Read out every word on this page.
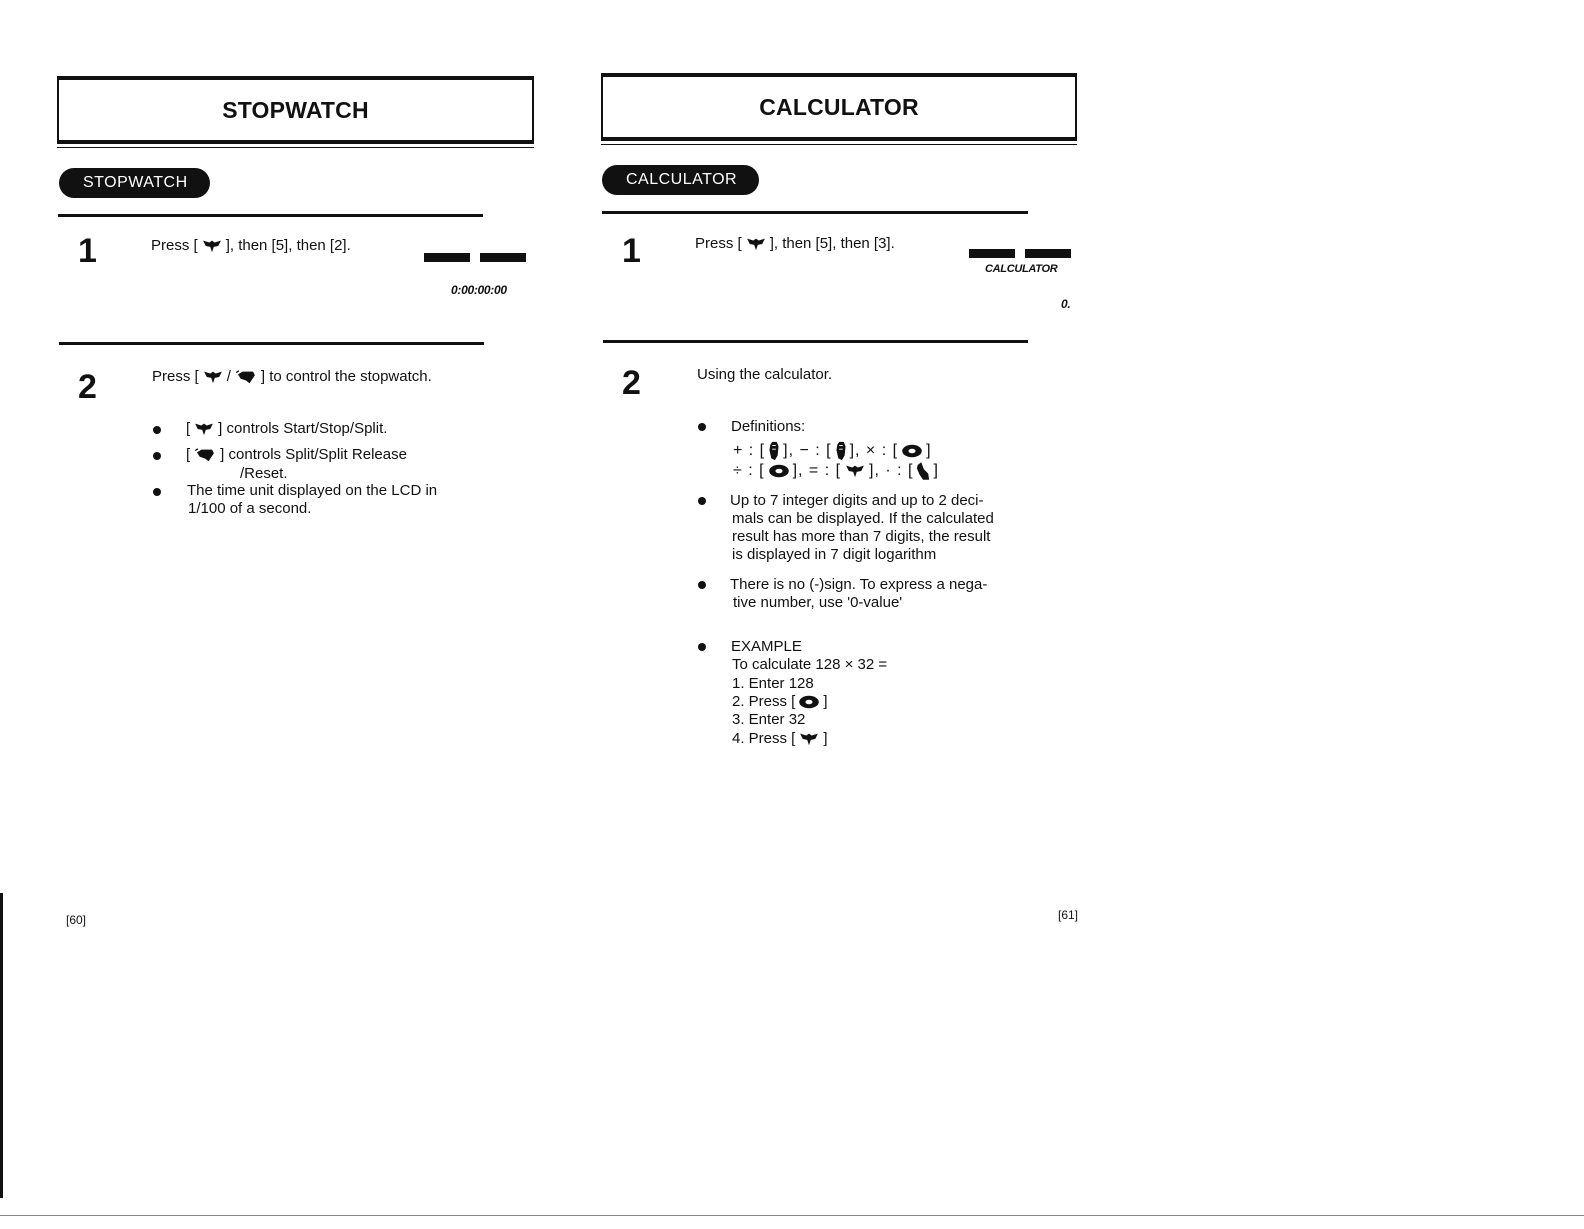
STOPWATCH
STOPWATCH
1	Press [ ], then [5], then [2].
0:00:00:00
2	Press [ / ] to control the stopwatch.
[ ] controls Start/Stop/Split.
[ ] controls Split/Split Release
/Reset.
The time unit displayed on the LCD in
1/100 of a second.
[60]
CALCULATOR
CALCULATOR
1	Press [ ], then [5], then [3].
CALCULATOR
0.
2	Using the calculator.
Definitions:
+ : [ ], − : [ ], × : [ ]
÷ : [ ], = : [ ], · : [ ]
Up to 7 integer digits and up to 2 deci-
mals can be displayed. If the calculated
result has more than 7 digits, the result
is displayed in 7 digit logarithm
There is no (-)sign. To express a nega-
tive number, use '0-value'
EXAMPLE
To calculate 128 × 32 =
1. Enter 128
2. Press [ ]
3. Enter 32
4. Press [ ]
[61]
